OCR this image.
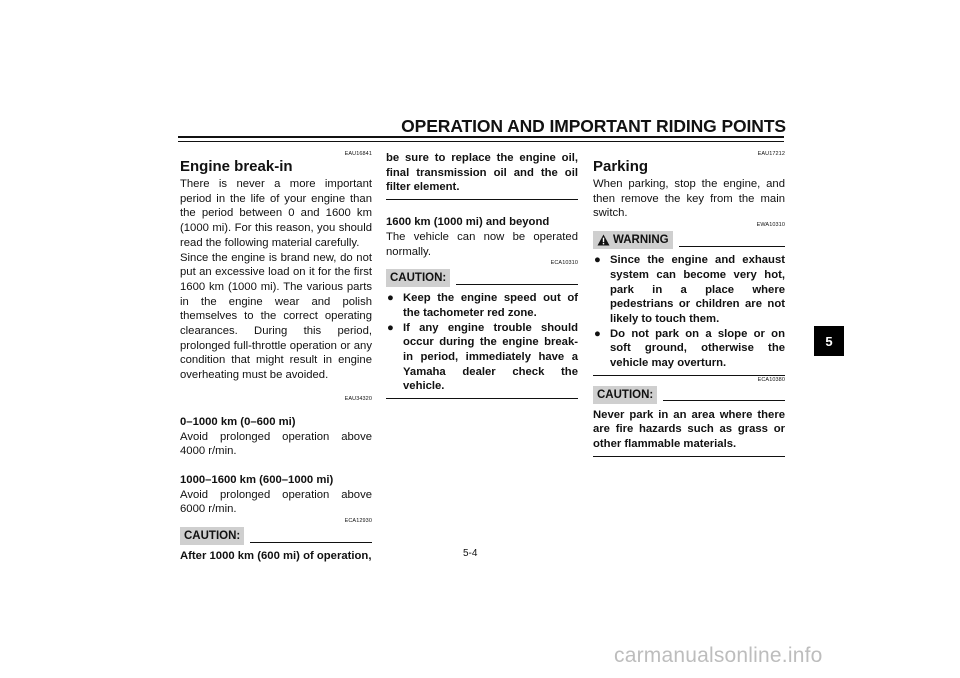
OPERATION AND IMPORTANT RIDING POINTS
EAU16841
Engine break-in

There is never a more important period in the life of your engine than the period between 0 and 1600 km (1000 mi). For this reason, you should read the following material carefully.

Since the engine is brand new, do not put an excessive load on it for the first 1600 km (1000 mi). The various parts in the engine wear and polish themselves to the correct operating clearances. During this period, prolonged full-throttle operation or any condition that might result in engine overheating must be avoided.

EAU34320

0–1000 km (0–600 mi)

Avoid prolonged operation above 4000 r/min.

1000–1600 km (600–1000 mi)

Avoid prolonged operation above 6000 r/min.

ECA12930
CAUTION:

After 1000 km (600 mi) of operation,

be sure to replace the engine oil, final transmission oil and the oil filter element.

1600 km (1000 mi) and beyond

The vehicle can now be operated normally.

ECA10310
CAUTION:
● Keep the engine speed out of the tachometer red zone.
● If any engine trouble should occur during the engine break-in period, immediately have a Yamaha dealer check the vehicle.
EAU17212
Parking

When parking, stop the engine, and then remove the key from the main switch.

EWA10310
WARNING
● Since the engine and exhaust system can become very hot, park in a place where pedestrians or children are not likely to touch them.
● Do not park on a slope or on soft ground, otherwise the vehicle may overturn.
ECA10380
CAUTION:

Never park in an area where there are fire hazards such as grass or other flammable materials.

5-4
5
carmanualsonline.info
